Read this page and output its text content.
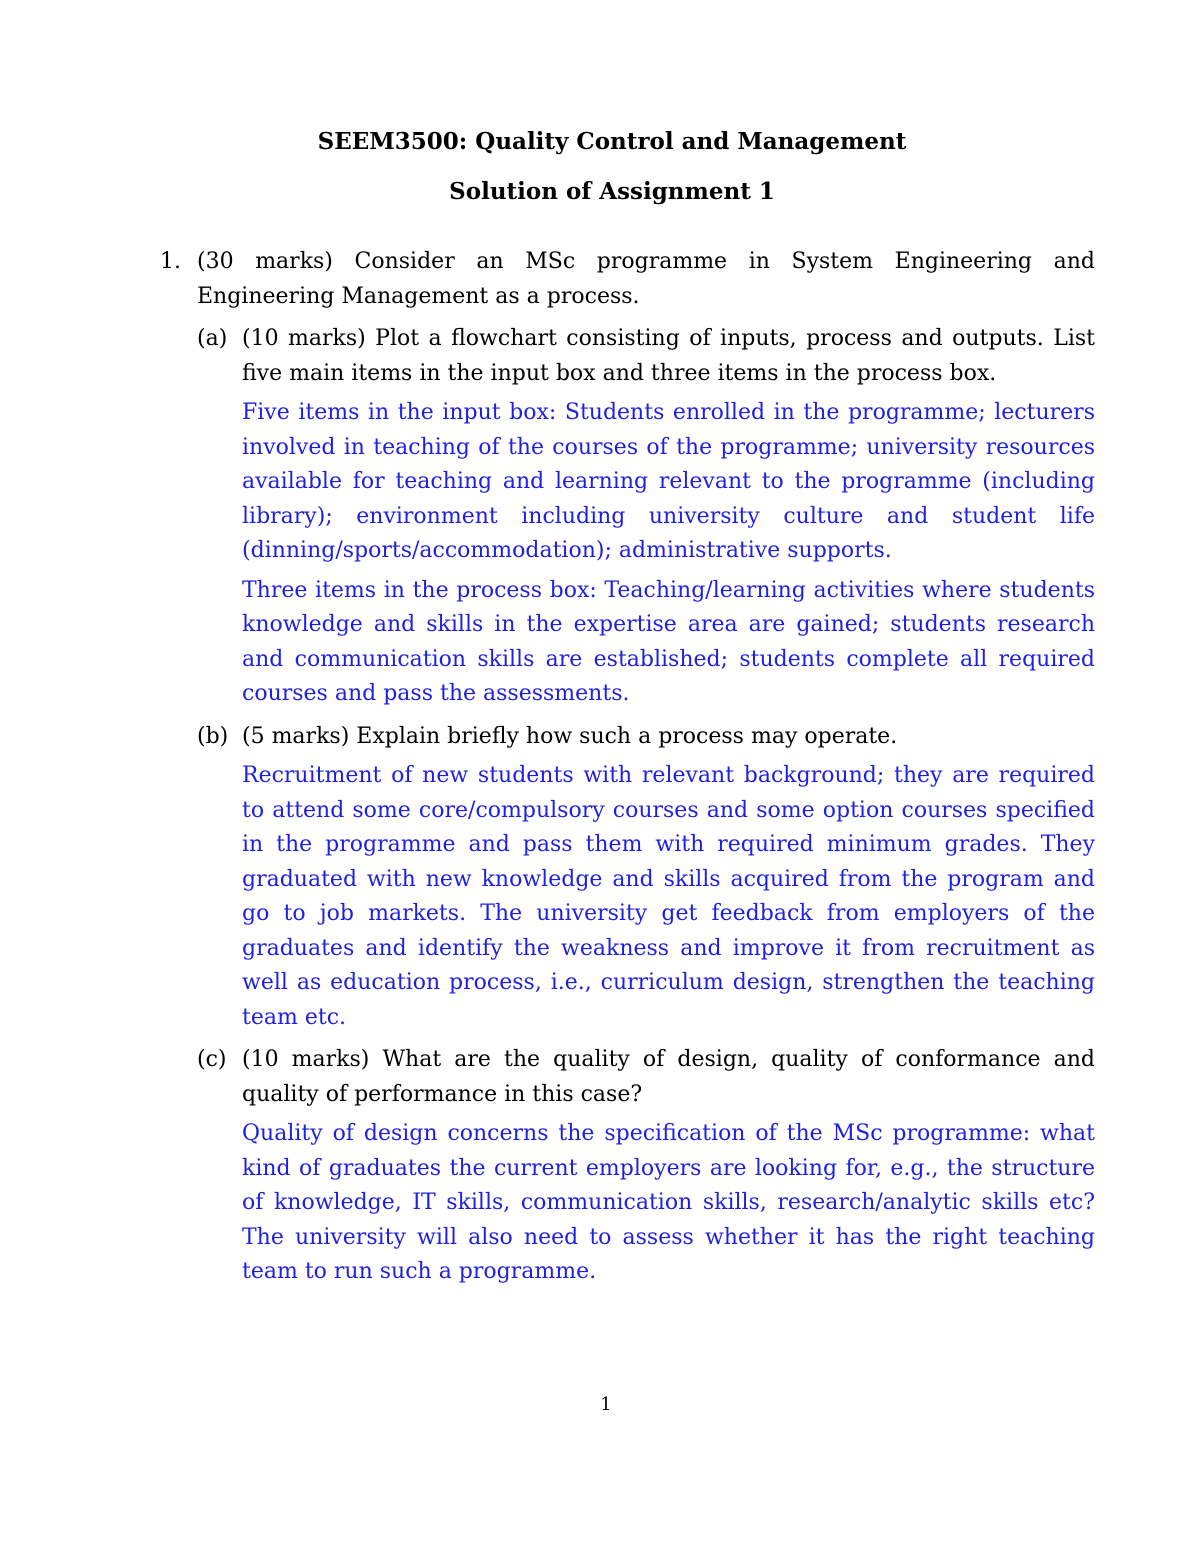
SEEM3500: Quality Control and Management
Solution of Assignment 1
1. (30 marks) Consider an MSc programme in System Engineering and Engineering Management as a process.
(a) (10 marks) Plot a flowchart consisting of inputs, process and outputs. List five main items in the input box and three items in the process box.

Five items in the input box: Students enrolled in the programme; lecturers involved in teaching of the courses of the programme; university resources available for teaching and learning relevant to the programme (including library); environment including university culture and student life (dinning/sports/accommodation); administrative supports.

Three items in the process box: Teaching/learning activities where students knowledge and skills in the expertise area are gained; students research and communication skills are established; students complete all required courses and pass the assessments.

(b) (5 marks) Explain briefly how such a process may operate.

Recruitment of new students with relevant background; they are required to attend some core/compulsory courses and some option courses specified in the programme and pass them with required minimum grades. They graduated with new knowledge and skills acquired from the program and go to job markets. The university get feedback from employers of the graduates and identify the weakness and improve it from recruitment as well as education process, i.e., curriculum design, strengthen the teaching team etc.

(c) (10 marks) What are the quality of design, quality of conformance and quality of performance in this case?

Quality of design concerns the specification of the MSc programme: what kind of graduates the current employers are looking for, e.g., the structure of knowledge, IT skills, communication skills, research/analytic skills etc? The university will also need to assess whether it has the right teaching team to run such a programme.

1
